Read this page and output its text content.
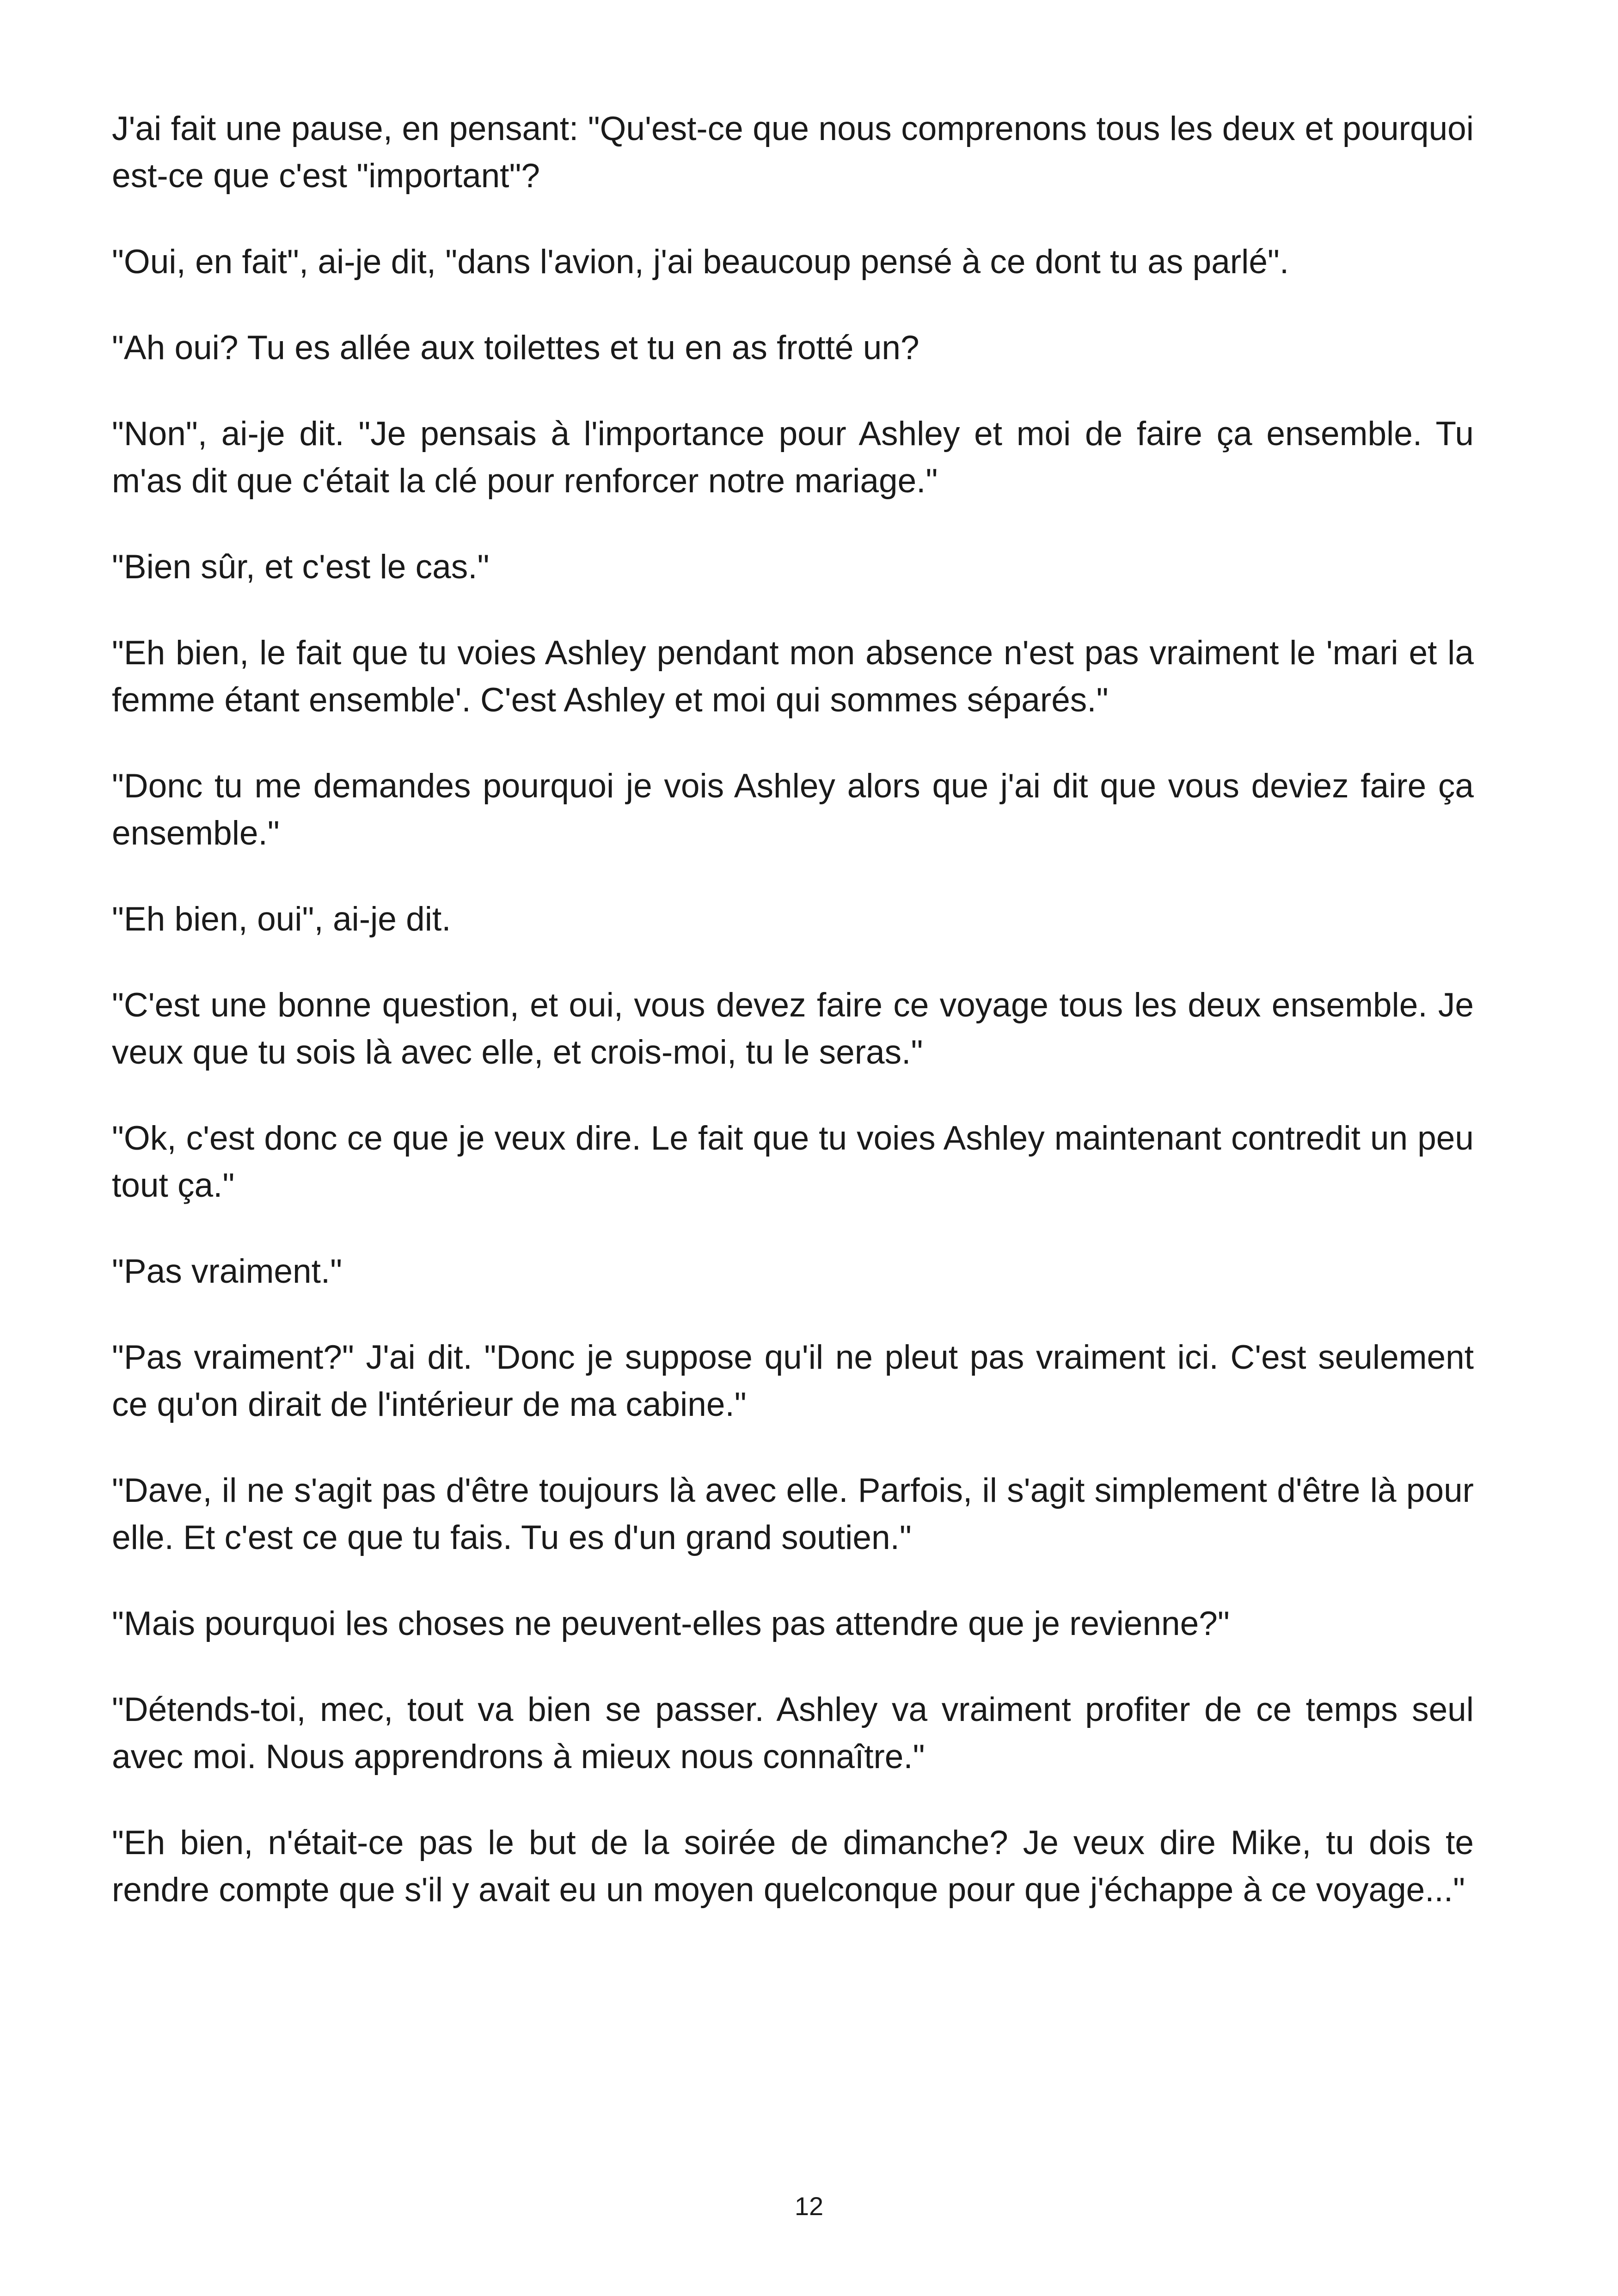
J'ai fait une pause, en pensant: "Qu'est-ce que nous comprenons tous les deux et pourquoi est-ce que c'est "important"?

"Oui, en fait", ai-je dit, "dans l'avion, j'ai beaucoup pensé à ce dont tu as parlé".

"Ah oui? Tu es allée aux toilettes et tu en as frotté un?

"Non", ai-je dit. "Je pensais à l'importance pour Ashley et moi de faire ça ensemble. Tu m'as dit que c'était la clé pour renforcer notre mariage."

"Bien sûr, et c'est le cas."

"Eh bien, le fait que tu voies Ashley pendant mon absence n'est pas vraiment le 'mari et la femme étant ensemble'. C'est Ashley et moi qui sommes séparés."

"Donc tu me demandes pourquoi je vois Ashley alors que j'ai dit que vous deviez faire ça ensemble."

"Eh bien, oui", ai-je dit.

"C'est une bonne question, et oui, vous devez faire ce voyage tous les deux ensemble. Je veux que tu sois là avec elle, et crois-moi, tu le seras."

"Ok, c'est donc ce que je veux dire. Le fait que tu voies Ashley maintenant contredit un peu tout ça."

"Pas vraiment."

"Pas vraiment?" J'ai dit. "Donc je suppose qu'il ne pleut pas vraiment ici. C'est seulement ce qu'on dirait de l'intérieur de ma cabine."

"Dave, il ne s'agit pas d'être toujours là avec elle. Parfois, il s'agit simplement d'être là pour elle. Et c'est ce que tu fais. Tu es d'un grand soutien."

"Mais pourquoi les choses ne peuvent-elles pas attendre que je revienne?"

"Détends-toi, mec, tout va bien se passer. Ashley va vraiment profiter de ce temps seul avec moi. Nous apprendrons à mieux nous connaître."

"Eh bien, n'était-ce pas le but de la soirée de dimanche? Je veux dire Mike, tu dois te rendre compte que s'il y avait eu un moyen quelconque pour que j'échappe à ce voyage..."

12
